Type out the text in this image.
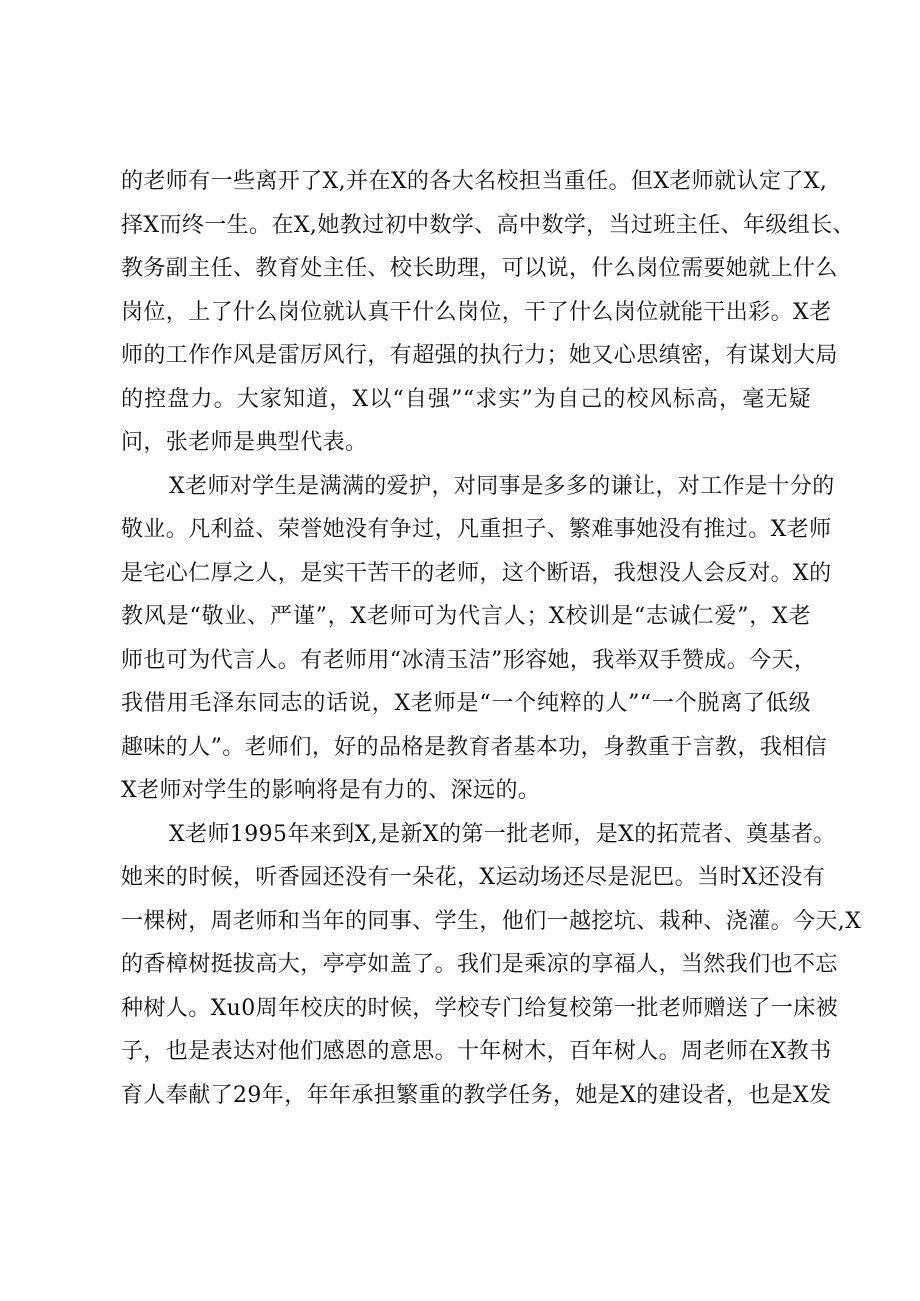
的老师有一些离开了X,并在X的各大名校担当重任。但X老师就认定了X,
择X而终一生。在X,她教过初中数学、高中数学，当过班主任、年级组长、
教务副主任、教育处主任、校长助理，可以说，什么岗位需要她就上什么
岗位，上了什么岗位就认真干什么岗位，干了什么岗位就能干出彩。X老
师的工作作风是雷厉风行，有超强的执行力；她又心思缜密，有谋划大局
的控盘力。大家知道，X以“自强”“求实”为自己的校风标高，毫无疑
问，张老师是典型代表。
X老师对学生是满满的爱护，对同事是多多的谦让，对工作是十分的
敬业。凡利益、荣誉她没有争过，凡重担子、繁难事她没有推过。X老师
是宅心仁厚之人，是实干苦干的老师，这个断语，我想没人会反对。X的
教风是“敬业、严谨”，X老师可为代言人；X校训是“志诚仁爱”，X老
师也可为代言人。有老师用“冰清玉洁”形容她，我举双手赞成。今天，
我借用毛泽东同志的话说，X老师是“一个纯粹的人”“一个脱离了低级
趣味的人”。老师们，好的品格是教育者基本功，身教重于言教，我相信
X老师对学生的影响将是有力的、深远的。
X老师1995年来到X,是新X的第一批老师，是X的拓荒者、奠基者。
她来的时候，听香园还没有一朵花，X运动场还尽是泥巴。当时X还没有
一棵树，周老师和当年的同事、学生，他们一越挖坑、栽种、浇灌。今天,X
的香樟树挺拔高大，亭亭如盖了。我们是乘凉的享福人，当然我们也不忘
种树人。Xu0周年校庆的时候，学校专门给复校第一批老师赠送了一床被
子，也是表达对他们感恩的意思。十年树木，百年树人。周老师在X教书
育人奉献了29年，年年承担繁重的教学任务，她是X的建设者，也是X发
